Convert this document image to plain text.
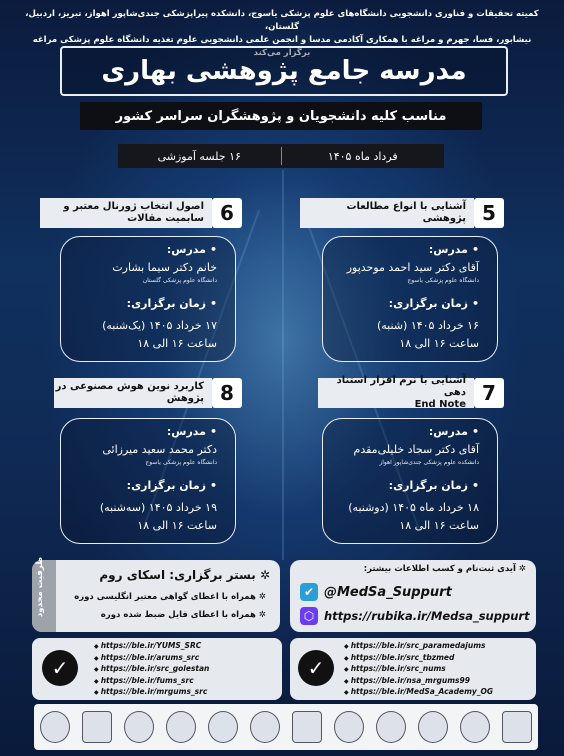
کمیته تحقیقات و فناوری دانشجویی دانشگاه‌های علوم پزشکی یاسوج، دانشکده پیراپزشکی جندی‌شاپور اهواز، تبریز، اردبیل، گلستان،
نیشابور، فسا، جهرم و مراغه با همکاری آکادمی مدسا و انجمن علمی دانشجویی علوم تغذیه دانشگاه علوم پزشکی مراغه برگزار می‌کند
مدرسه جامع پژوهشی بهاری
مناسب کلیه دانشجویان و پژوهشگران سراسر کشور
فرداد ماه ۱۴۰۵
۱۶ جلسه آموزشی
5
آشنایی با انواع مطالعات
پژوهشی
• مدرس:
آقای دکتر سید احمد موحدپور
دانشگاه علوم پزشکی یاسوج
• زمان برگزاری:
۱۶ خرداد ۱۴۰۵ (شنبه)
ساعت ۱۶ الی ۱۸
6
اصول انتخاب ژورنال معتبر و
سابمیت مقالات
• مدرس:
خانم دکتر سیما بشارت
دانشگاه علوم پزشکی گلستان
• زمان برگزاری:
۱۷ خرداد ۱۴۰۵ (یک‌شنبه)
ساعت ۱۶ الی ۱۸
7
آشنایی با نرم افزار استناد دهی
End Note
• مدرس:
آقای دکتر سجاد خلیلی‌مقدم
دانشکده علوم پزشکی جندی‌شاپور اهواز
• زمان برگزاری:
۱۸ خرداد ماه ۱۴۰۵ (دوشنبه)
ساعت ۱۶ الی ۱۸
8
کاربرد نوین هوش مصنوعی در
پژوهش
• مدرس:
دکتر محمد سعید میرزائی
دانشگاه علوم پزشکی یاسوج
• زمان برگزاری:
۱۹ خرداد ۱۴۰۵ (سه‌شنبه)
ساعت ۱۶ الی ۱۸
ظرفیت محدود	✲ بستر برگزاری: اسکای روم
✲ همراه با اعطای گواهی معتبر انگلیسی دوره
✲ همراه با اعطای فایل ضبط شده دوره
✲ آیدی ثبت‌نام و کسب اطلاعات بیشتر:
✔ @MedSa_Suppurt
⬡ https://rubika.ir/Medsa_suppurt
✓
◆ https://ble.ir/YUMS_SRC
◆ https://ble.ir/arums_src
◆ https://ble.ir/src_golestan
◆ https://ble.ir/fums_src
◆ https://ble.ir/mrgums_src
✓
◆ https://ble.ir/src_paramedajums
◆ https://ble.ir/src_tbzmed
◆ https://ble.ir/src_nums
◆ https://ble.ir/nsa_mrgums99
◆ https://ble.ir/MedSa_Academy_OG
